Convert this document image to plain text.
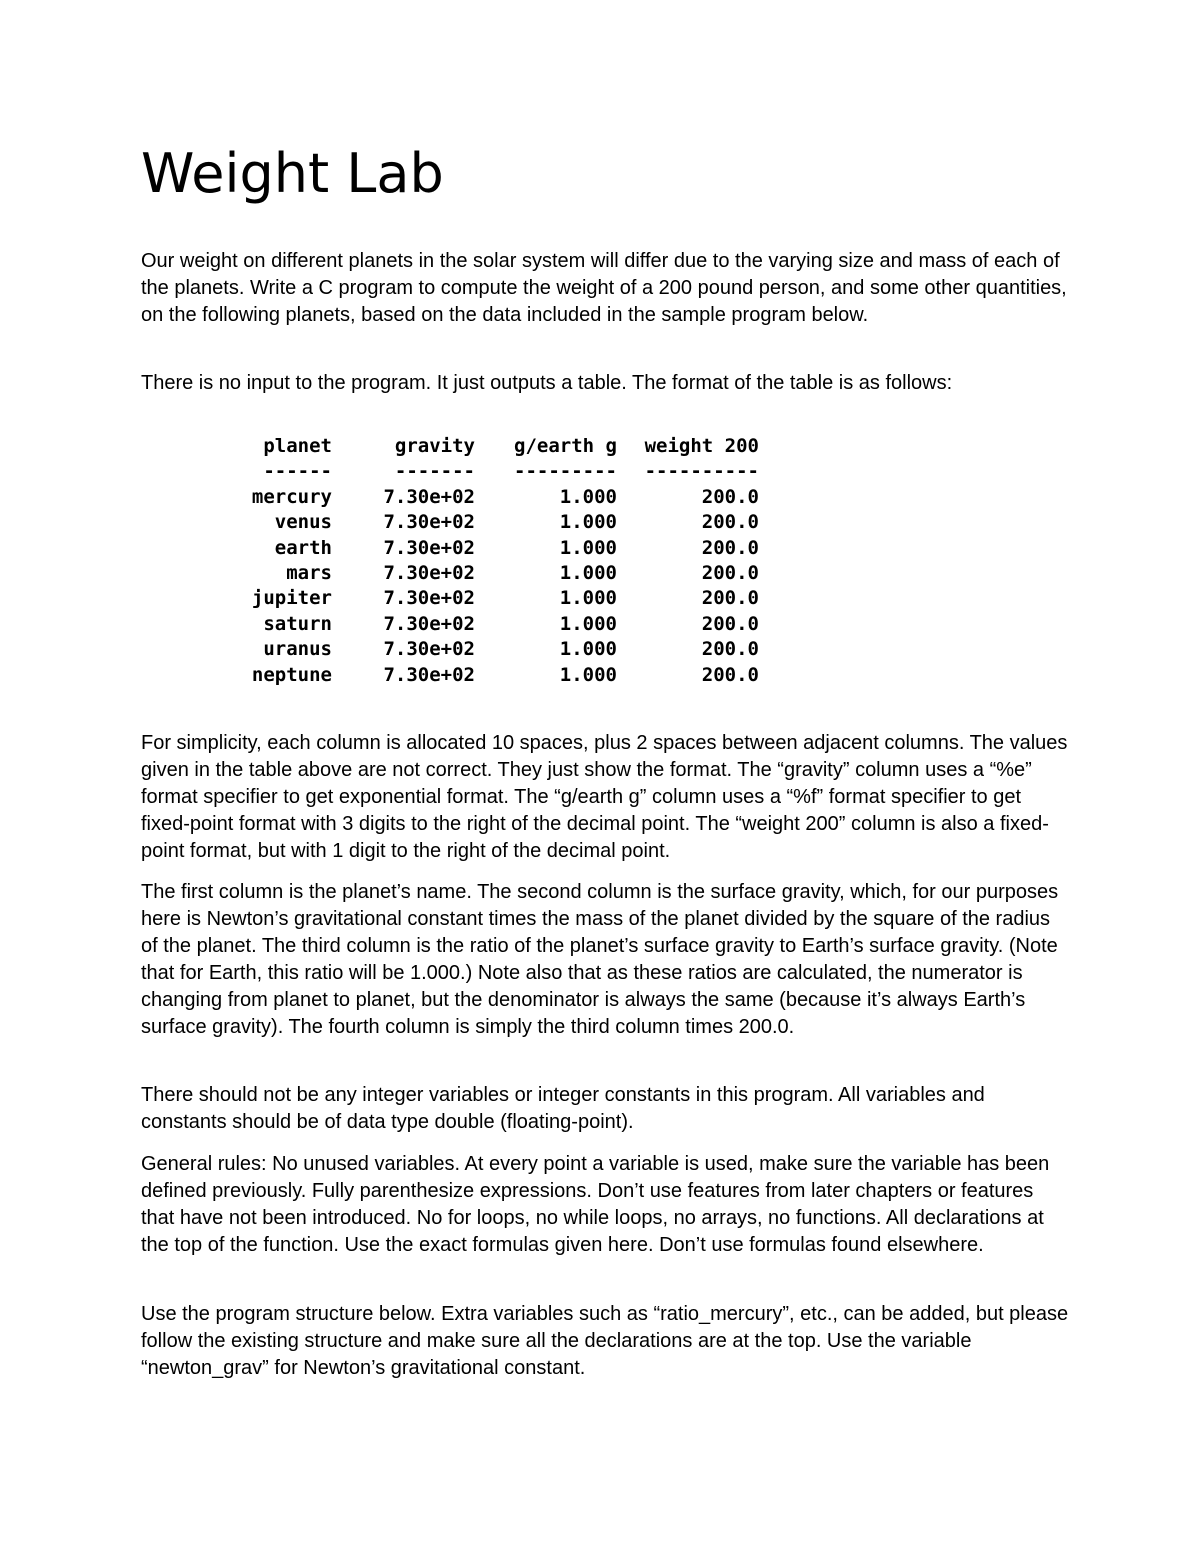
Weight Lab

Our weight on different planets in the solar system will differ due to the varying size and mass of each of the planets. Write a C program to compute the weight of a 200 pound person, and some other quantities, on the following planets, based on the data included in the sample program below.

There is no input to the program. It just outputs a table. The format of the table is as follows:

planet	gravity	g/earth g	weight 200
------	-------	---------	----------
mercury	7.30e+02	1.000	200.0
venus	7.30e+02	1.000	200.0
earth	7.30e+02	1.000	200.0
mars	7.30e+02	1.000	200.0
jupiter	7.30e+02	1.000	200.0
saturn	7.30e+02	1.000	200.0
uranus	7.30e+02	1.000	200.0
neptune	7.30e+02	1.000	200.0

For simplicity, each column is allocated 10 spaces, plus 2 spaces between adjacent columns. The values given in the table above are not correct. They just show the format. The “gravity” column uses a “%e” format specifier to get exponential format. The “g/earth g” column uses a “%f” format specifier to get fixed-point format with 3 digits to the right of the decimal point. The “weight 200” column is also a fixed-point format, but with 1 digit to the right of the decimal point.

The first column is the planet’s name. The second column is the surface gravity, which, for our purposes here is Newton’s gravitational constant times the mass of the planet divided by the square of the radius of the planet. The third column is the ratio of the planet’s surface gravity to Earth’s surface gravity. (Note that for Earth, this ratio will be 1.000.) Note also that as these ratios are calculated, the numerator is changing from planet to planet, but the denominator is always the same (because it’s always Earth’s surface gravity). The fourth column is simply the third column times 200.0.

There should not be any integer variables or integer constants in this program. All variables and constants should be of data type double (floating-point).

General rules: No unused variables. At every point a variable is used, make sure the variable has been defined previously. Fully parenthesize expressions. Don’t use features from later chapters or features that have not been introduced. No for loops, no while loops, no arrays, no functions. All declarations at the top of the function. Use the exact formulas given here. Don’t use formulas found elsewhere.

Use the program structure below. Extra variables such as “ratio_mercury”, etc., can be added, but please follow the existing structure and make sure all the declarations are at the top. Use the variable “newton_grav” for Newton’s gravitational constant.
